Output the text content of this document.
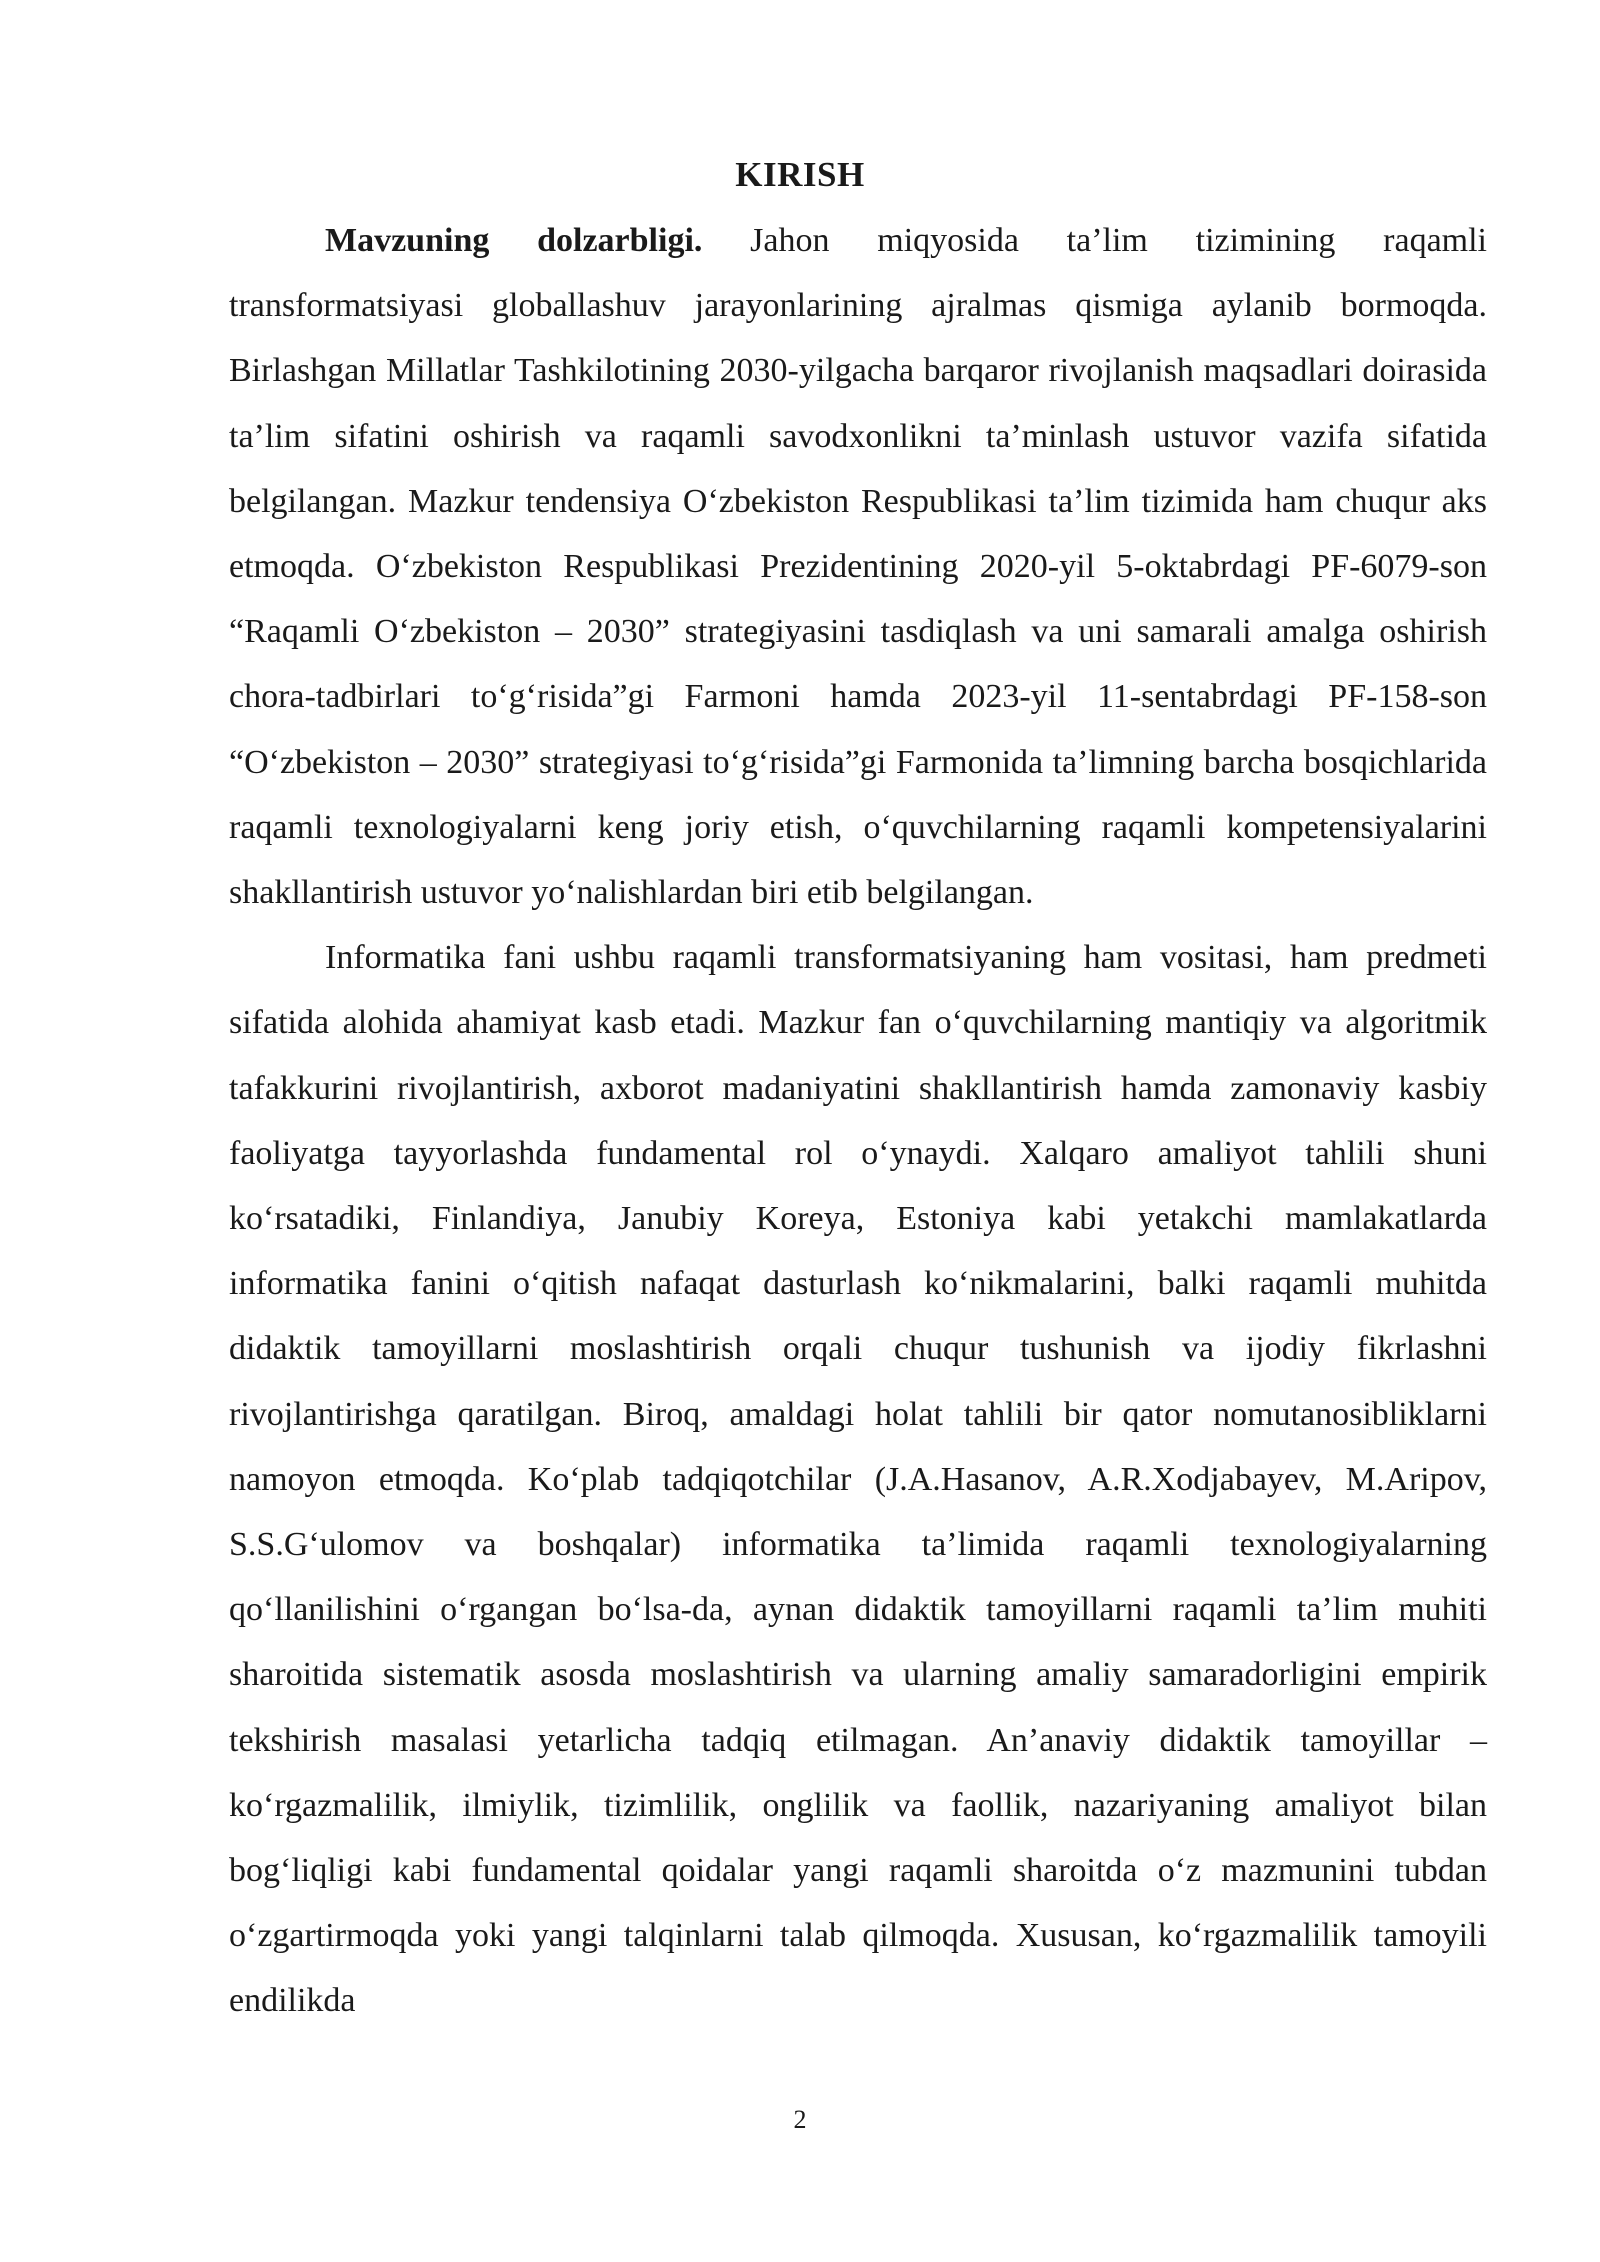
KIRISH

Mavzuning dolzarbligi. Jahon miqyosida ta’lim tizimining raqamli transformatsiyasi globallashuv jarayonlarining ajralmas qismiga aylanib bormoqda. Birlashgan Millatlar Tashkilotining 2030-yilgacha barqaror rivojlanish maqsadlari doirasida ta’lim sifatini oshirish va raqamli savodxonlikni ta’minlash ustuvor vazifa sifatida belgilangan. Mazkur tendensiya O‘zbekiston Respublikasi ta’lim tizimida ham chuqur aks etmoqda. O‘zbekiston Respublikasi Prezidentining 2020-yil 5-oktabrdagi PF-6079-son “Raqamli O‘zbekiston – 2030” strategiyasini tasdiqlash va uni samarali amalga oshirish chora-tadbirlari to‘g‘risida”gi Farmoni hamda 2023-yil 11-sentabrdagi PF-158-son “O‘zbekiston – 2030” strategiyasi to‘g‘risida”gi Farmonida ta’limning barcha bosqichlarida raqamli texnologiyalarni keng joriy etish, o‘quvchilarning raqamli kompetensiyalarini shakllantirish ustuvor yo‘nalishlardan biri etib belgilangan.

Informatika fani ushbu raqamli transformatsiyaning ham vositasi, ham predmeti sifatida alohida ahamiyat kasb etadi. Mazkur fan o‘quvchilarning mantiqiy va algoritmik tafakkurini rivojlantirish, axborot madaniyatini shakllantirish hamda zamonaviy kasbiy faoliyatga tayyorlashda fundamental rol o‘ynaydi. Xalqaro amaliyot tahlili shuni ko‘rsatadiki, Finlandiya, Janubiy Koreya, Estoniya kabi yetakchi mamlakatlarda informatika fanini o‘qitish nafaqat dasturlash ko‘nikmalarini, balki raqamli muhitda didaktik tamoyillarni moslashtirish orqali chuqur tushunish va ijodiy fikrlashni rivojlantirishga qaratilgan. Biroq, amaldagi holat tahlili bir qator nomutanosibliklarni namoyon etmoqda. Ko‘plab tadqiqotchilar (J.A.Hasanov, A.R.Xodjabayev, M.Aripov, S.S.G‘ulomov va boshqalar) informatika ta’limida raqamli texnologiyalarning qo‘llanilishini o‘rgangan bo‘lsa-da, aynan didaktik tamoyillarni raqamli ta’lim muhiti sharoitida sistematik asosda moslashtirish va ularning amaliy samaradorligini empirik tekshirish masalasi yetarlicha tadqiq etilmagan. An’anaviy didaktik tamoyillar – ko‘rgazmalilik, ilmiylik, tizimlilik, onglilik va faollik, nazariyaning amaliyot bilan bog‘liqligi kabi fundamental qoidalar yangi raqamli sharoitda o‘z mazmunini tubdan o‘zgartirmoqda yoki yangi talqinlarni talab qilmoqda. Xususan, ko‘rgazmalilik tamoyili endilikda

2
